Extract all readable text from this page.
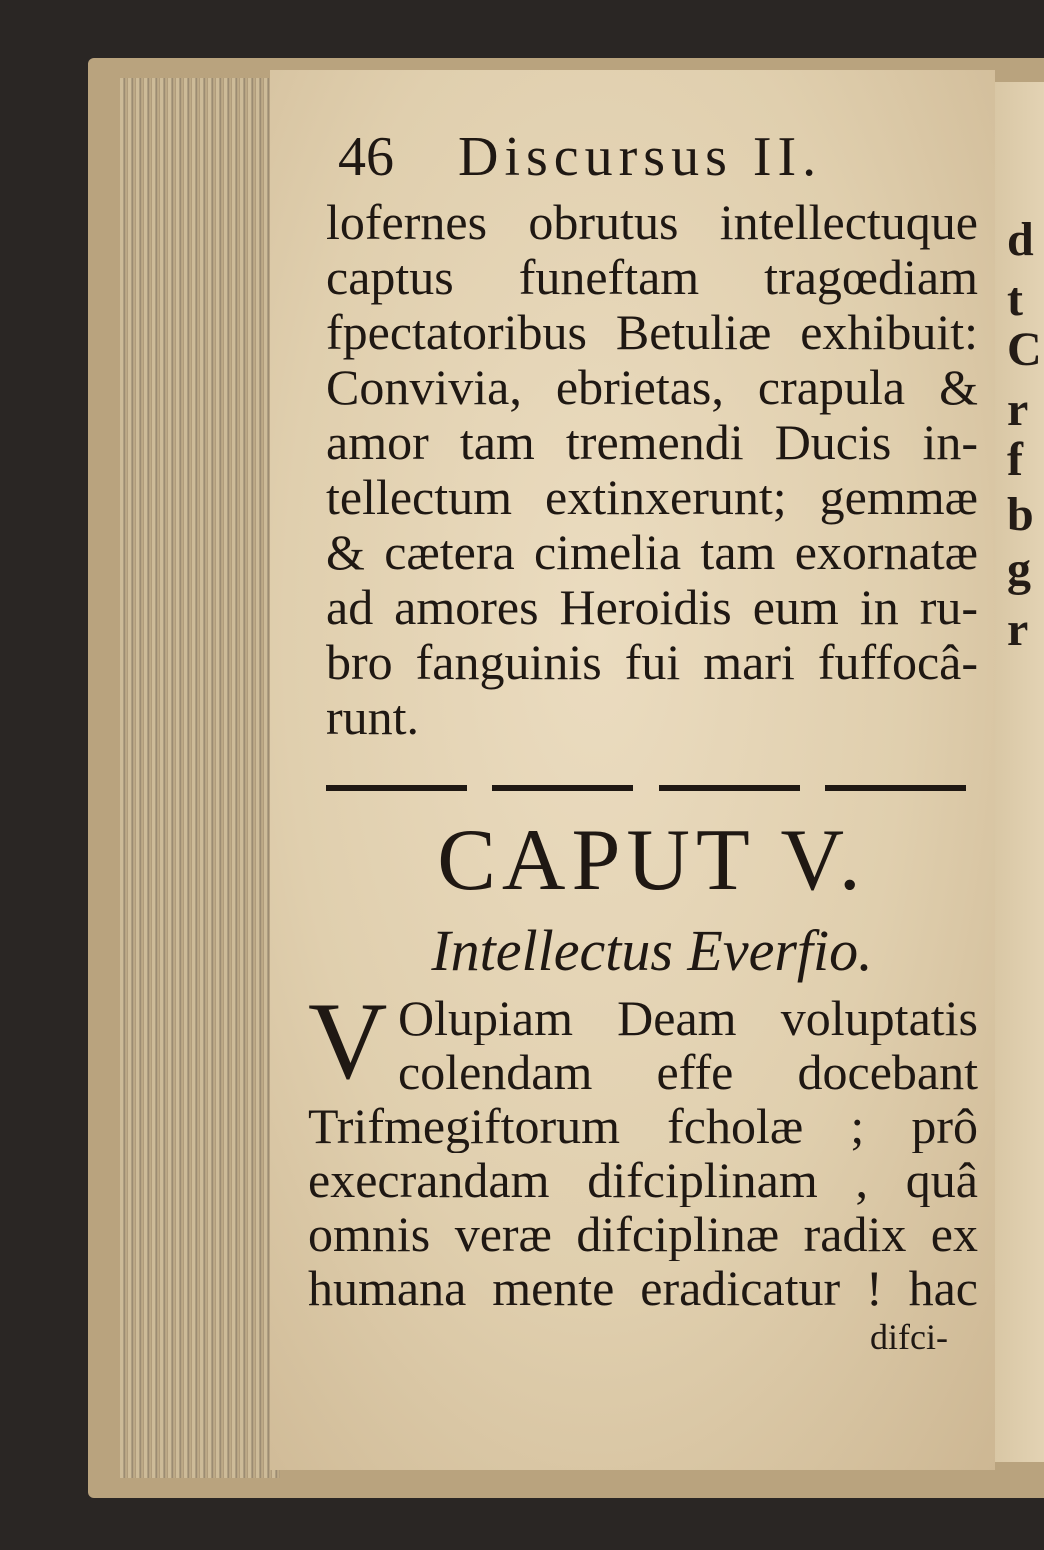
d
t
C
r
f
b
g
r
46	Discursus II.
lofernes obrutus intellectuque
captus funeftam tragœdiam
fpectatoribus Betuliæ exhibuit:
Convivia, ebrietas, crapula &
amor tam tremendi Ducis in-
tellectum extinxerunt; gemmæ
& cætera cimelia tam exornatæ
ad amores Heroidis eum in ru-
bro fanguinis fui mari fuffocâ-
runt.
CAPUT V.
Intellectus Everfio.
V Olupiam Deam voluptatis
colendam effe docebant
Trifmegiftorum fcholæ ; prô
execrandam difciplinam , quâ
omnis veræ difciplinæ radix ex
humana mente eradicatur ! hac
difci-
